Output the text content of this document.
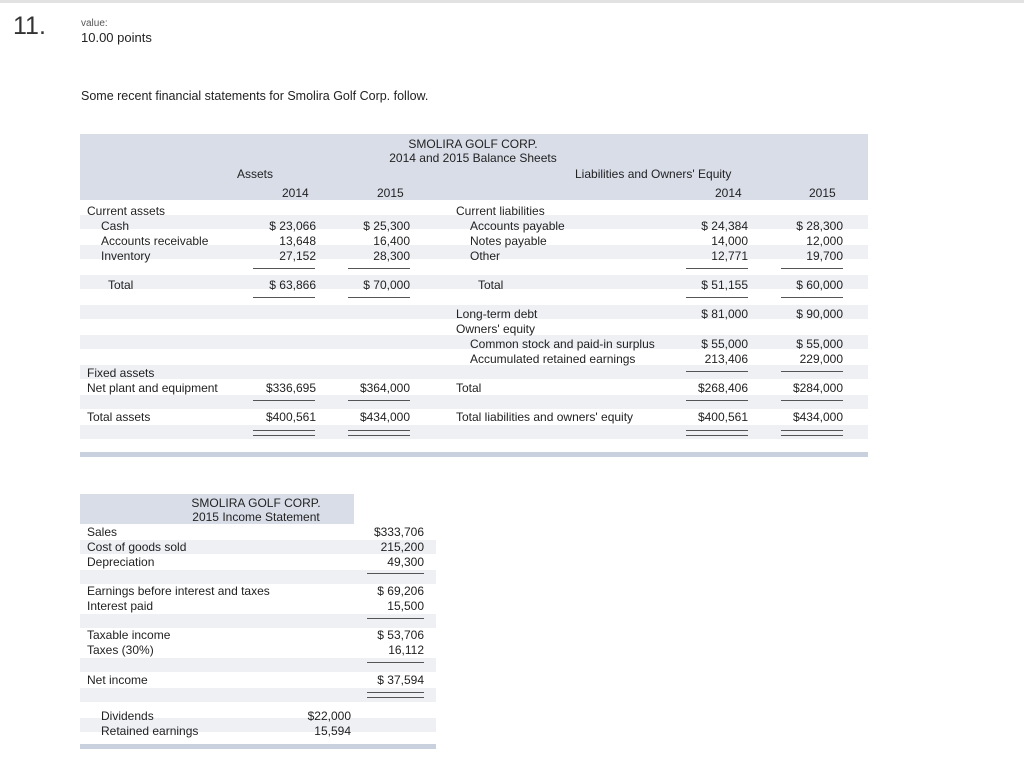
11.	value:
10.00 points
Some recent financial statements for Smolira Golf Corp. follow.
SMOLIRA GOLF CORP.
2014 and 2015 Balance Sheets
Assets	Liabilities and Owners' Equity
2014	2015	2014	2015
Current assets
Cash	$ 23,066	$ 25,300
Accounts receivable	13,648	16,400
Inventory	27,152	28,300
Total	$ 63,866	$ 70,000
Fixed assets
Net plant and equipment	$336,695	$364,000
Total assets	$400,561	$434,000
Current liabilities
Accounts payable	$ 24,384	$ 28,300
Notes payable	14,000	12,000
Other	12,771	19,700
Total	$ 51,155	$ 60,000
Long-term debt	$ 81,000	$ 90,000
Owners' equity
Common stock and paid-in surplus	$ 55,000	$ 55,000
Accumulated retained earnings	213,406	229,000
Total	$268,406	$284,000
Total liabilities and owners' equity	$400,561	$434,000
SMOLIRA GOLF CORP.
2015 Income Statement
Sales	$333,706
Cost of goods sold	215,200
Depreciation	49,300
Earnings before interest and taxes	$ 69,206
Interest paid	15,500
Taxable income	$ 53,706
Taxes (30%)	16,112
Net income	$ 37,594
Dividends	$22,000
Retained earnings	15,594
